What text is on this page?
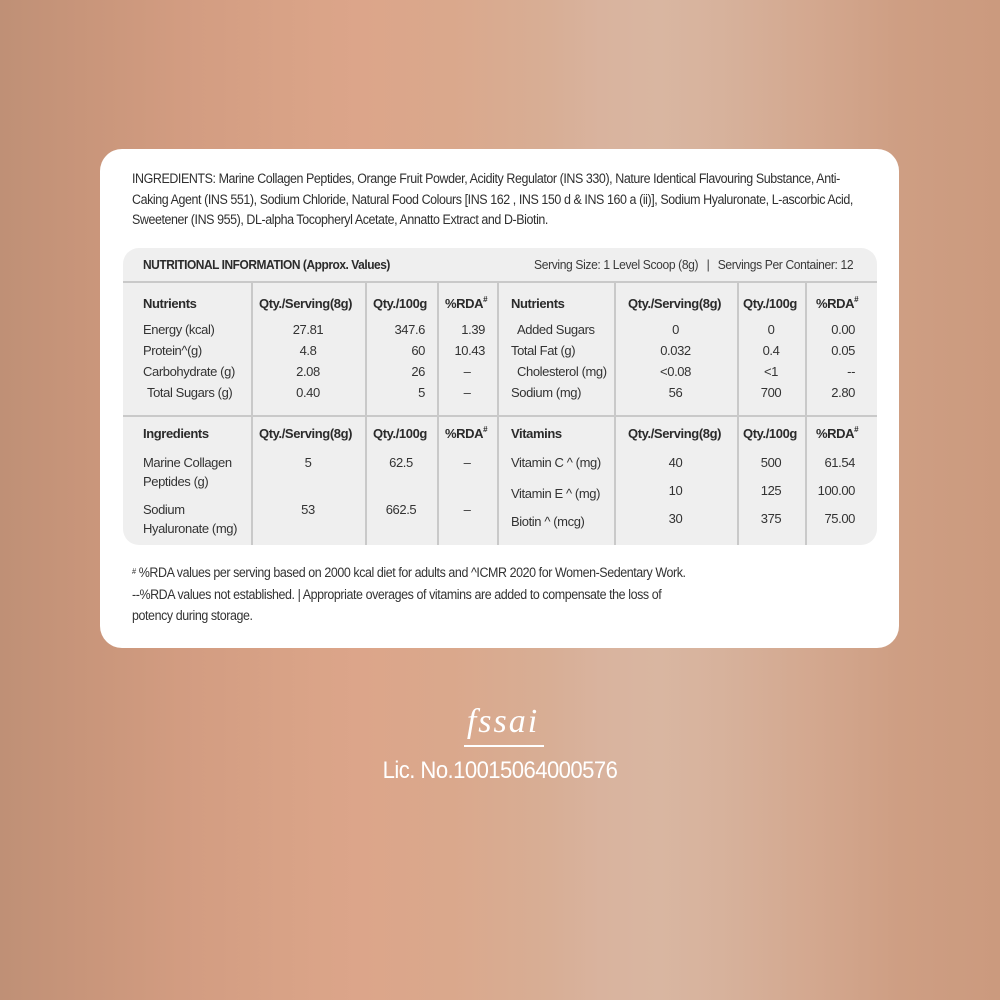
INGREDIENTS: Marine Collagen Peptides, Orange Fruit Powder, Acidity Regulator (INS 330), Nature Identical Flavouring Substance, Anti-Caking Agent (INS 551), Sodium Chloride, Natural Food Colours [INS 162 , INS 150 d & INS 160 a (ii)], Sodium Hyaluronate, L-ascorbic Acid, Sweetener (INS 955), DL-alpha Tocopheryl Acetate, Annatto Extract and D-Biotin.
NUTRITIONAL INFORMATION (Approx. Values)	Serving Size: 1 Level Scoop (8g) | Servings Per Container: 12
Nutrients	Qty./Serving(8g) Qty./100g %RDA#
Energy (kcal)	27.81	347.6	1.39
Protein^(g)	4.8	60	10.43
Carbohydrate (g)	2.08	26	–
Total Sugars (g)	0.40	5	–
Nutrients	Qty./Serving(8g) Qty./100g %RDA#
Added Sugars	0	0	0.00
Total Fat (g)	0.032	0.4	0.05
Cholesterol (mg)	<0.08	<1	--
Sodium (mg)	56	700	2.80
Ingredients	Qty./Serving(8g) Qty./100g %RDA#
Marine Collagen
Peptides (g)
5	62.5	–
Sodium
Hyaluronate (mg)
53	662.5	–
Vitamins	Qty./Serving(8g) Qty./100g %RDA#
Vitamin C ^ (mg)	40	500	61.54
Vitamin E ^ (mg)	10	125	100.00
Biotin ^ (mcg)	30	375	75.00
# %RDA values per serving based on 2000 kcal diet for adults and ^ICMR 2020 for Women-Sedentary Work.
--%RDA values not established. | Appropriate overages of vitamins are added to compensate the loss of
potency during storage.
fssai
Lic. No.10015064000576
